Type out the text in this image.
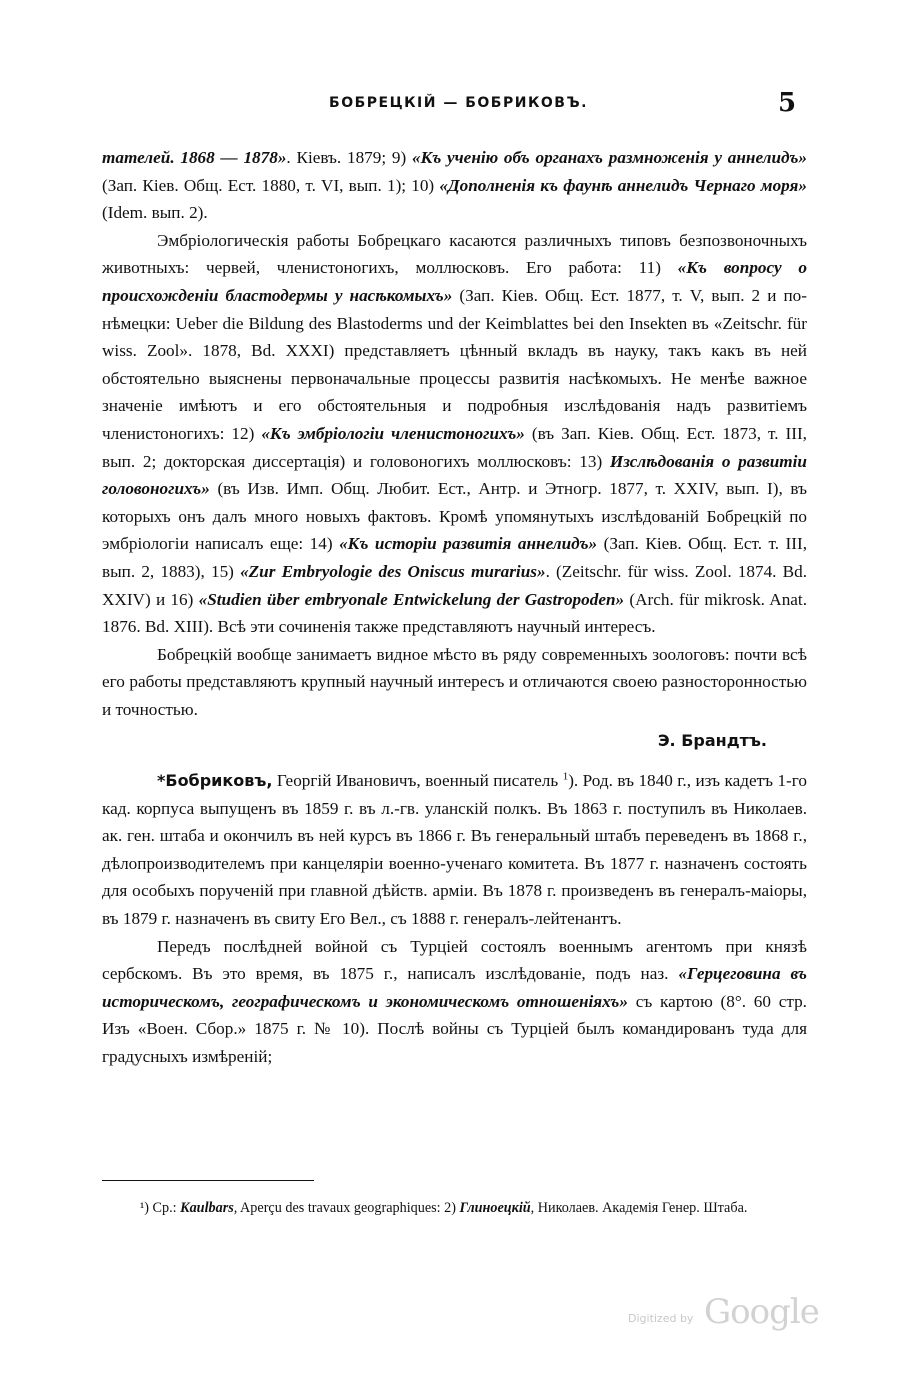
БОБРЕЦКІЙ — БОБРИКОВЪ.	5

тателей. 1868 — 1878». Кіевъ. 1879; 9) «Къ ученію объ органахъ размноженія у аннелидъ» (Зап. Кіев. Общ. Ест. 1880, т. VI, вып. 1); 10) «Дополненія къ фаунѣ аннелидъ Чернаго моря» (Idem. вып. 2).

Эмбріологическія работы Бобрецкаго касаются различныхъ типовъ безпозвоночныхъ животныхъ: червей, членистоногихъ, моллюсковъ. Его работа: 11) «Къ вопросу о происхожденіи бластодермы у насѣкомыхъ» (Зап. Кіев. Общ. Ест. 1877, т. V, вып. 2 и по-нѣмецки: Ueber die Bildung des Blastoderms und der Keimblattes bei den Insekten въ «Zeitschr. für wiss. Zool». 1878, Bd. XXXI) представляетъ цѣнный вкладъ въ науку, такъ какъ въ ней обстоятельно выяснены первоначальные процессы развитія насѣкомыхъ. Не менѣе важное значеніе имѣютъ и его обстоятельныя и подробныя изслѣдованія надъ развитіемъ членистоногихъ: 12) «Къ эмбріологіи членистоногихъ» (въ Зап. Кіев. Общ. Ест. 1873, т. III, вып. 2; докторская диссертація) и головоногихъ моллюсковъ: 13) Изслѣдованія о развитіи головоногихъ» (въ Изв. Имп. Общ. Любит. Ест., Антр. и Этногр. 1877, т. XXIV, вып. I), въ которыхъ онъ далъ много новыхъ фактовъ. Кромѣ упомянутыхъ изслѣдованій Бобрецкій по эмбріологіи написалъ еще: 14) «Къ исторіи развитія аннелидъ» (Зап. Кіев. Общ. Ест. т. III, вып. 2, 1883), 15) «Zur Embryologie des Oniscus murarius». (Zeitschr. für wiss. Zool. 1874. Bd. XXIV) и 16) «Studien über embryonale Entwickelung der Gastropoden» (Arch. für mikrosk. Anat. 1876. Bd. XIII). Всѣ эти сочиненія также представляютъ научный интересъ.

Бобрецкій вообще занимаетъ видное мѣсто въ ряду современныхъ зоологовъ: почти всѣ его работы представляютъ крупный научный интересъ и отличаются своею разносторонностью и точностью.

Э. Брандтъ.

*Бобриковъ, Георгій Ивановичъ, военный писатель $^1$). Род. въ 1840 г., изъ кадетъ 1-го кад. корпуса выпущенъ въ 1859 г. въ л.-гв. уланскій полкъ. Въ 1863 г. поступилъ въ Николаев. ак. ген. штаба и окончилъ въ ней курсъ въ 1866 г. Въ генеральный штабъ переведенъ въ 1868 г., дѣлопроизводителемъ при канцеляріи военно-ученаго комитета. Въ 1877 г. назначенъ состоять для особыхъ порученій при главной дѣйств. арміи. Въ 1878 г. произведенъ въ генералъ-маіоры, въ 1879 г. назначенъ въ свиту Его Вел., съ 1888 г. генералъ-лейтенантъ.

Передъ послѣдней войной съ Турціей состоялъ военнымъ агентомъ при князѣ сербскомъ. Въ это время, въ 1875 г., написалъ изслѣдованіе, подъ наз. «Герцеговина въ историческомъ, географическомъ и экономическомъ отношеніяхъ» съ картою (8°. 60 стр. Изъ «Воен. Сбор.» 1875 г. № 10). Послѣ войны съ Турціей былъ командированъ туда для градусныхъ измѣреній;

¹) Ср.: Kaulbars, Aperçu des travaux geographiques: 2) Глиноецкій, Николаев. Академія Генер. Штаба.

Digitized by Google
